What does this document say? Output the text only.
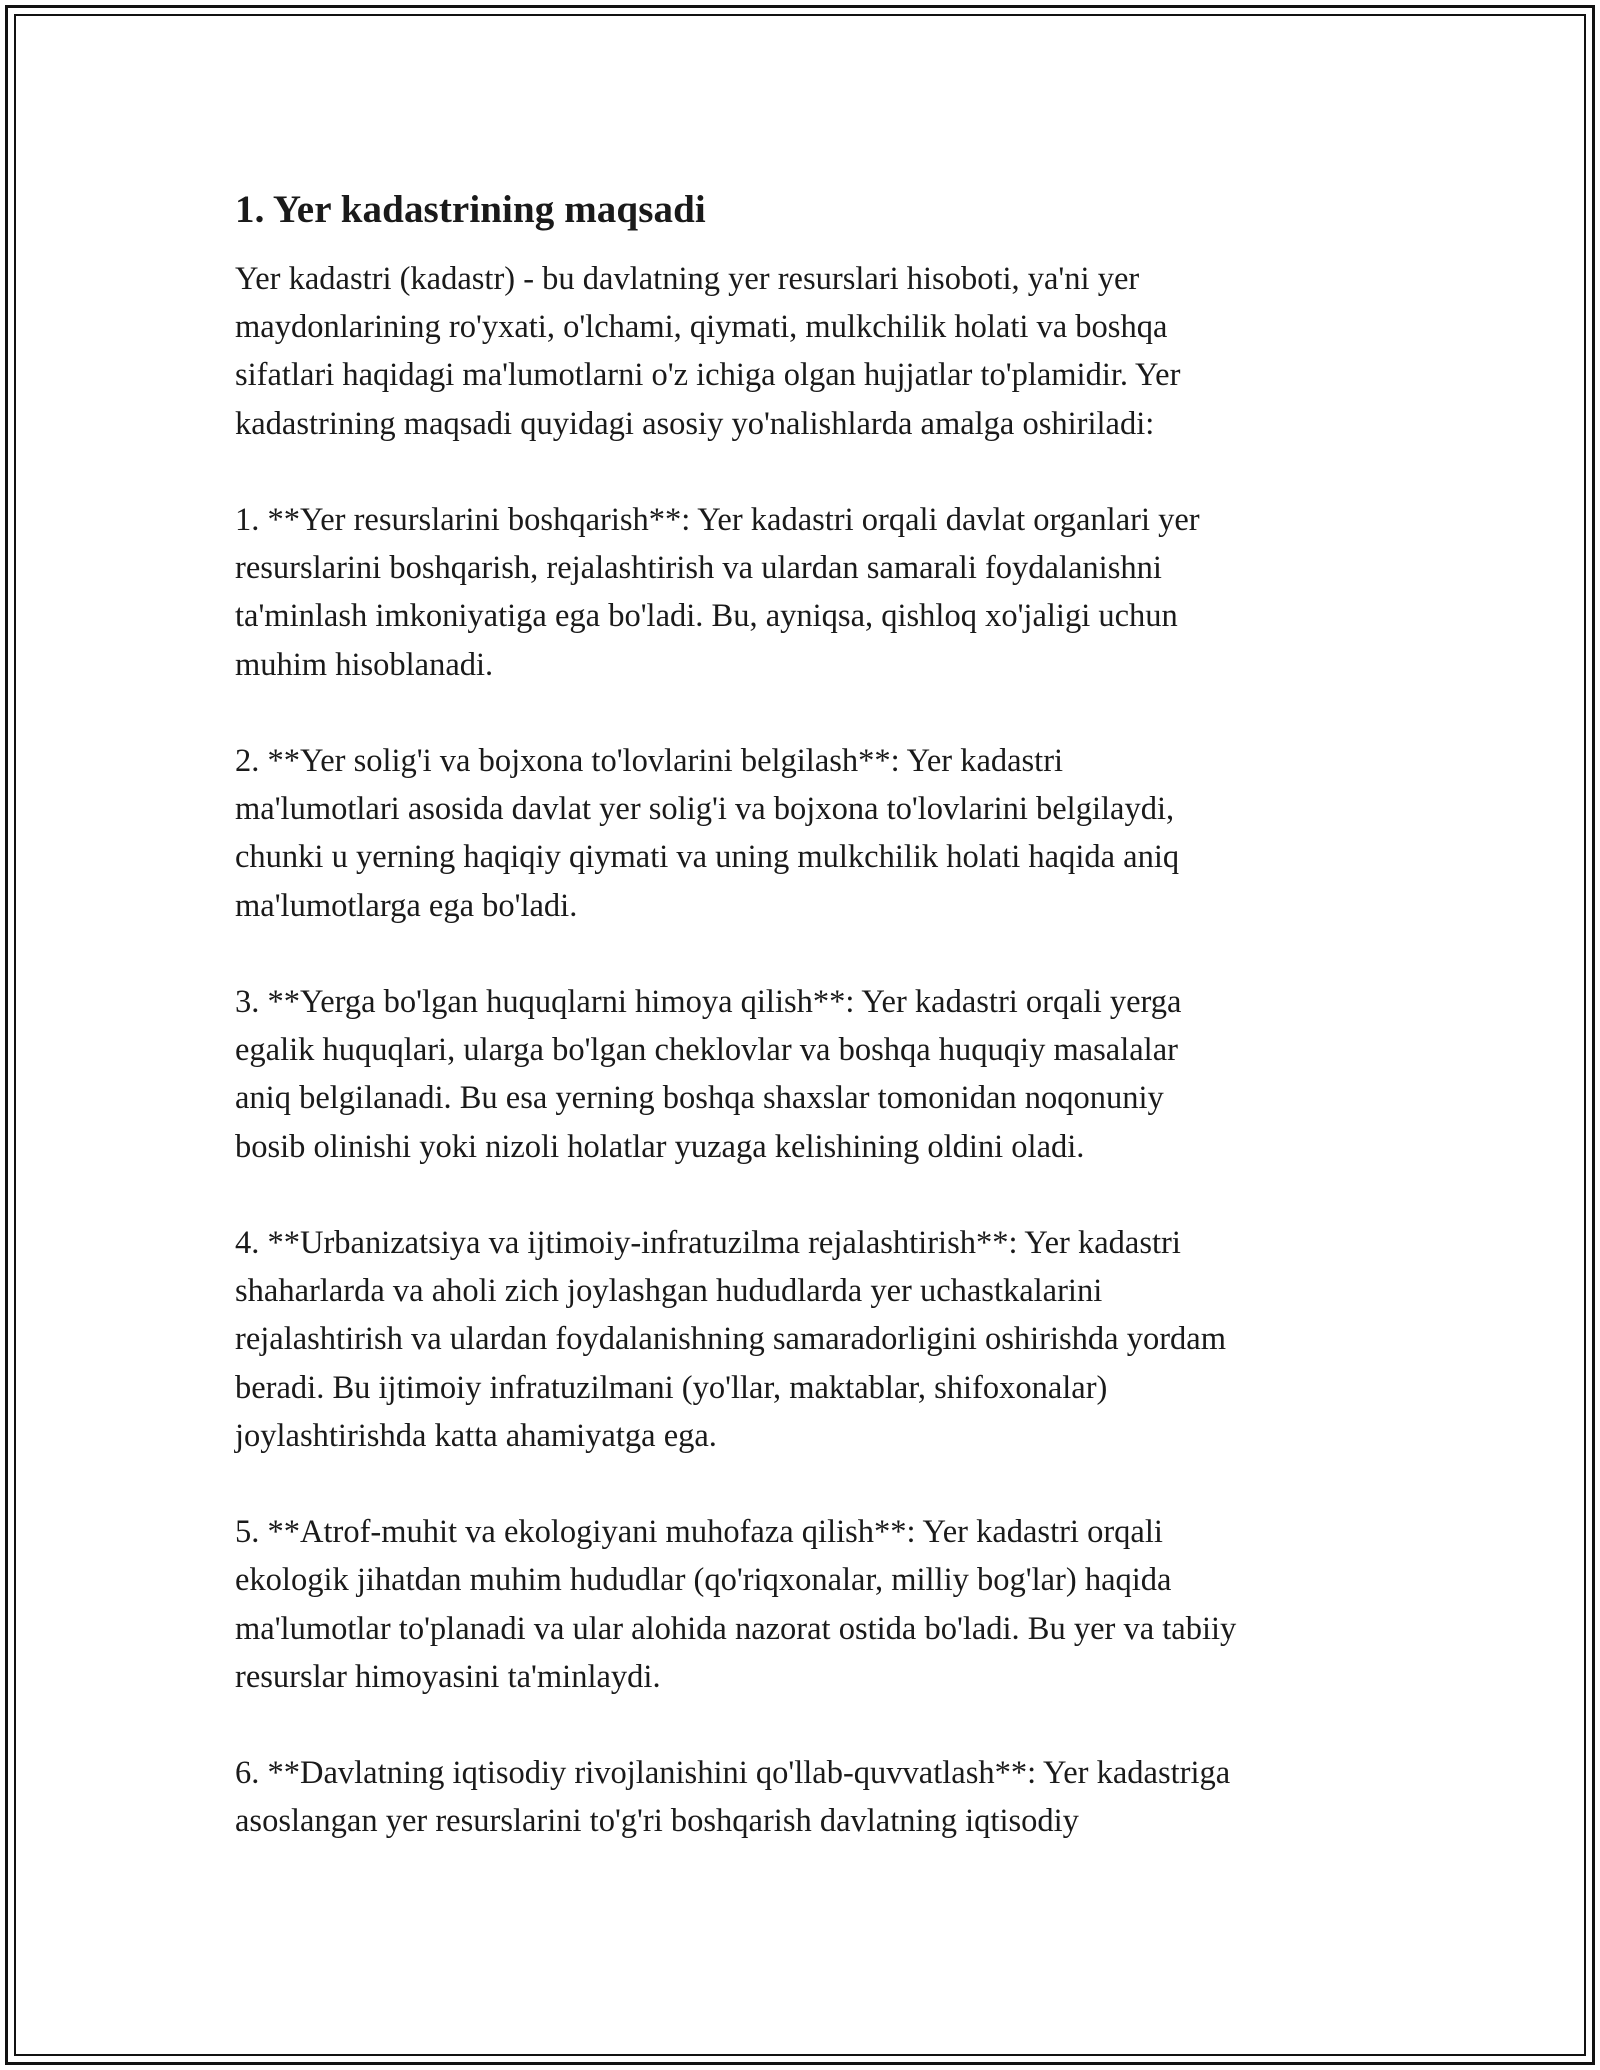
1. Yer kadastrining maqsadi

Yer kadastri (kadastr) - bu davlatning yer resurslari hisoboti, ya'ni yer
maydonlarining ro'yxati, o'lchami, qiymati, mulkchilik holati va boshqa
sifatlari haqidagi ma'lumotlarni o'z ichiga olgan hujjatlar to'plamidir. Yer
kadastrining maqsadi quyidagi asosiy yo'nalishlarda amalga oshiriladi:

1. **Yer resurslarini boshqarish**: Yer kadastri orqali davlat organlari yer
resurslarini boshqarish, rejalashtirish va ulardan samarali foydalanishni
ta'minlash imkoniyatiga ega bo'ladi. Bu, ayniqsa, qishloq xo'jaligi uchun
muhim hisoblanadi.

2. **Yer solig'i va bojxona to'lovlarini belgilash**: Yer kadastri
ma'lumotlari asosida davlat yer solig'i va bojxona to'lovlarini belgilaydi,
chunki u yerning haqiqiy qiymati va uning mulkchilik holati haqida aniq
ma'lumotlarga ega bo'ladi.

3. **Yerga bo'lgan huquqlarni himoya qilish**: Yer kadastri orqali yerga
egalik huquqlari, ularga bo'lgan cheklovlar va boshqa huquqiy masalalar
aniq belgilanadi. Bu esa yerning boshqa shaxslar tomonidan noqonuniy
bosib olinishi yoki nizoli holatlar yuzaga kelishining oldini oladi.

4. **Urbanizatsiya va ijtimoiy-infratuzilma rejalashtirish**: Yer kadastri
shaharlarda va aholi zich joylashgan hududlarda yer uchastkalarini
rejalashtirish va ulardan foydalanishning samaradorligini oshirishda yordam
beradi. Bu ijtimoiy infratuzilmani (yo'llar, maktablar, shifoxonalar)
joylashtirishda katta ahamiyatga ega.

5. **Atrof-muhit va ekologiyani muhofaza qilish**: Yer kadastri orqali
ekologik jihatdan muhim hududlar (qo'riqxonalar, milliy bog'lar) haqida
ma'lumotlar to'planadi va ular alohida nazorat ostida bo'ladi. Bu yer va tabiiy
resurslar himoyasini ta'minlaydi.

6. **Davlatning iqtisodiy rivojlanishini qo'llab-quvvatlash**: Yer kadastriga
asoslangan yer resurslarini to'g'ri boshqarish davlatning iqtisodiy
